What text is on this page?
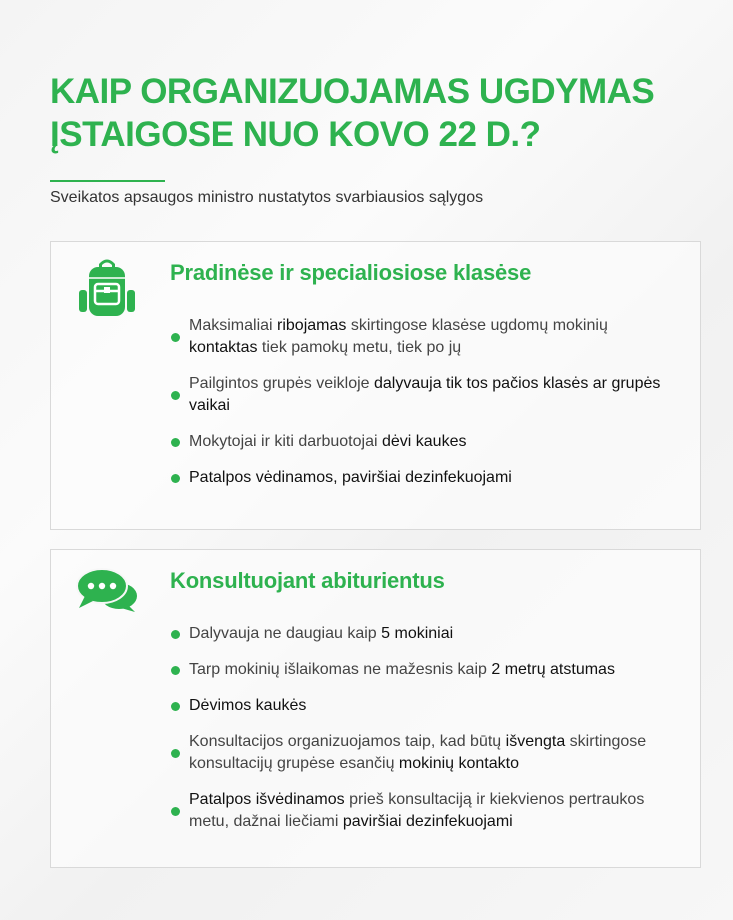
KAIP ORGANIZUOJAMAS UGDYMAS
ĮSTAIGOSE NUO KOVO 22 D.?
Sveikatos apsaugos ministro nustatytos svarbiausios sąlygos
Pradinėse ir specialiosiose klasėse
Maksimaliai ribojamas skirtingose klasėse ugdomų mokinių kontaktas tiek pamokų metu, tiek po jų
Pailgintos grupės veikloje dalyvauja tik tos pačios klasės ar grupės vaikai
Mokytojai ir kiti darbuotojai dėvi kaukes
Patalpos vėdinamos, paviršiai dezinfekuojami
Konsultuojant abiturientus
Dalyvauja ne daugiau kaip 5 mokiniai
Tarp mokinių išlaikomas ne mažesnis kaip 2 metrų atstumas
Dėvimos kaukės
Konsultacijos organizuojamos taip, kad būtų išvengta skirtingose konsultacijų grupėse esančių mokinių kontakto
Patalpos išvėdinamos prieš konsultaciją ir kiekvienos pertraukos metu, dažnai liečiami paviršiai dezinfekuojami
